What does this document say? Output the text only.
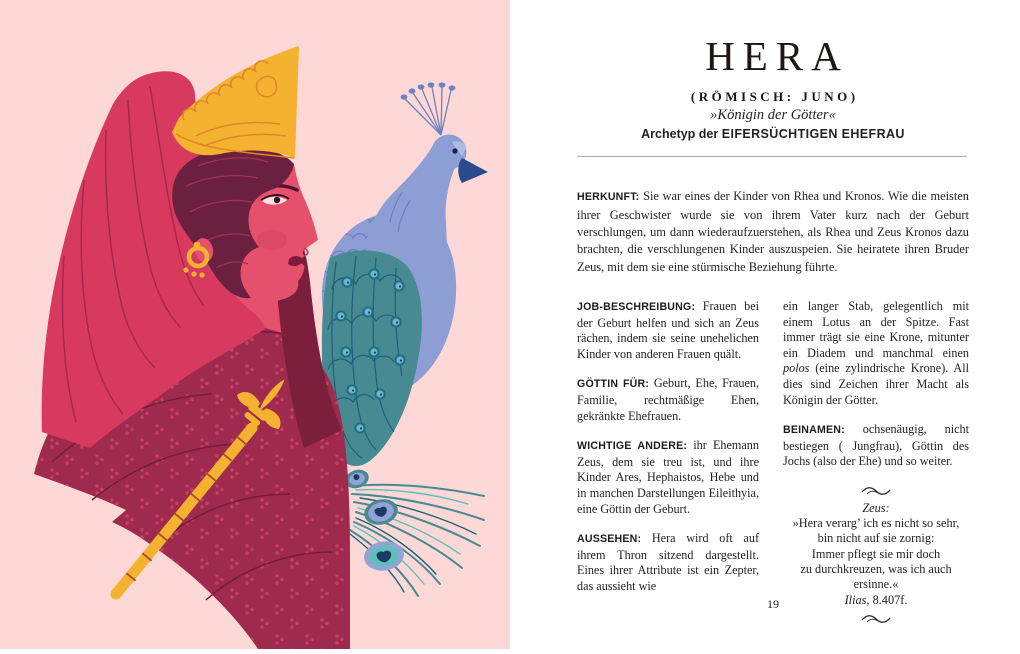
HERA
(RÖMISCH: JUNO)
»Königin der Götter«
Archetyp der EIFERSÜCHTIGEN EHEFRAU

HERKUNFT: Sie war eines der Kinder von Rhea und Kronos. Wie die meisten ihrer Geschwister wurde sie von ihrem Vater kurz nach der Geburt verschlungen, um dann wiederaufzuerstehen, als Rhea und Zeus Kronos dazu brachten, die verschlungenen Kinder auszuspeien. Sie heiratete ihren Bruder Zeus, mit dem sie eine stürmische Beziehung führte.

JOB-BESCHREIBUNG: Frauen bei der Geburt helfen und sich an Zeus rächen, indem sie seine unehelichen Kinder von anderen Frauen quält.

GÖTTIN FÜR: Geburt, Ehe, Frauen, Familie, rechtmäßige Ehen, gekränkte Ehefrauen.

WICHTIGE ANDERE: ihr Ehemann Zeus, dem sie treu ist, und ihre Kinder Ares, Hephaistos, Hebe und in manchen Darstellungen Eileithyia, eine Göttin der Geburt.

AUSSEHEN: Hera wird oft auf ihrem Thron sitzend dargestellt. Eines ihrer Attribute ist ein Zepter, das aussieht wie

ein langer Stab, gelegentlich mit einem Lotus an der Spitze. Fast immer trägt sie eine Krone, mitunter ein Diadem und manchmal einen polos (eine zylindrische Krone). All dies sind Zeichen ihrer Macht als Königin der Götter.

BEINAMEN: ochsenäugig, nicht bestiegen ( Jungfrau), Göttin des Jochs (also der Ehe) und so weiter.

Zeus:
»Hera verarg’ ich es nicht so sehr,
bin nicht auf sie zornig:
Immer pflegt sie mir doch
zu durchkreuzen, was ich auch ersinne.«
Ilias, 8.407f.
19
